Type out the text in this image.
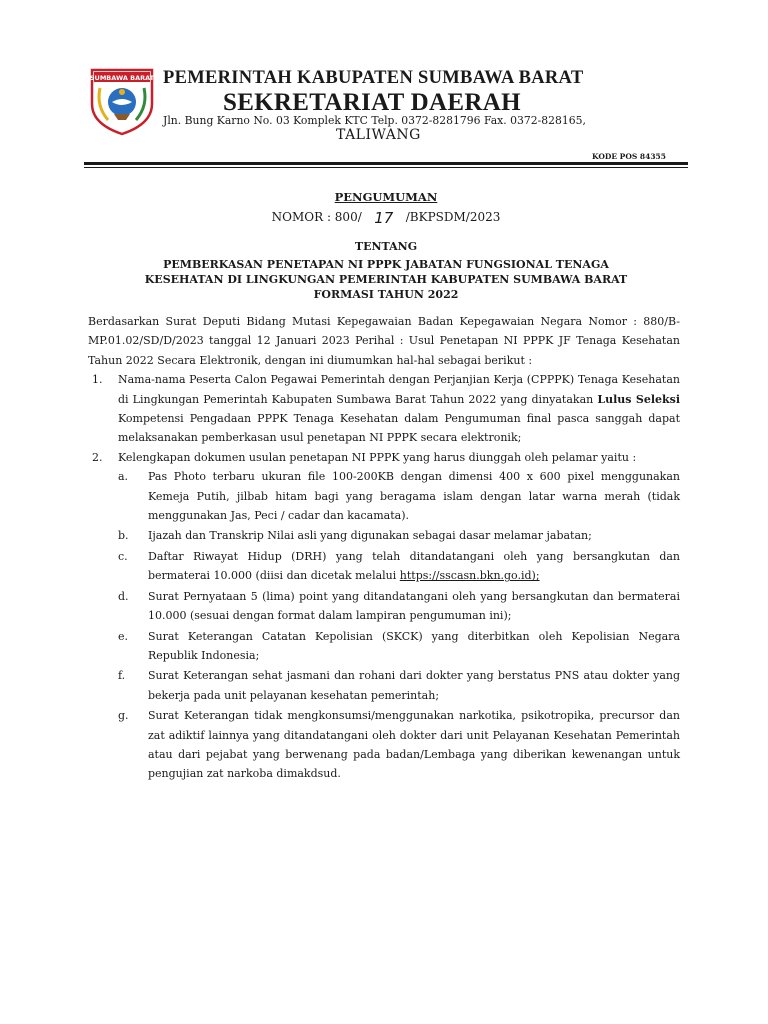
SUMBAWA BARAT PEMERINTAH KABUPATEN SUMBAWA BARAT
SEKRETARIAT DAERAH
Jln. Bung Karno No. 03 Komplek KTC Telp. 0372-8281796 Fax. 0372-828165,
TALIWANG
KODE POS 84355
PENGUMUMAN
NOMOR : 800/ 17 /BKPSDM/2023
TENTANG
PEMBERKASAN PENETAPAN NI PPPK JABATAN FUNGSIONAL TENAGA
KESEHATAN DI LINGKUNGAN PEMERINTAH KABUPATEN SUMBAWA BARAT
FORMASI TAHUN 2022

Berdasarkan Surat Deputi Bidang Mutasi Kepegawaian Badan Kepegawaian Negara Nomor : 880/B-MP.01.02/SD/D/2023 tanggal 12 Januari 2023 Perihal : Usul Penetapan NI PPPK JF Tenaga Kesehatan Tahun 2022 Secara Elektronik, dengan ini diumumkan hal-hal sebagai berikut :

1. Nama-nama Peserta Calon Pegawai Pemerintah dengan Perjanjian Kerja (CPPPK) Tenaga Kesehatan di Lingkungan Pemerintah Kabupaten Sumbawa Barat Tahun 2022 yang dinyatakan Lulus Seleksi Kompetensi Pengadaan PPPK Tenaga Kesehatan dalam Pengumuman final pasca sanggah dapat melaksanakan pemberkasan usul penetapan NI PPPK secara elektronik;
2. Kelengkapan dokumen usulan penetapan NI PPPK yang harus diunggah oleh pelamar yaitu :
a. Pas Photo terbaru ukuran file 100-200KB dengan dimensi 400 x 600 pixel menggunakan Kemeja Putih, jilbab hitam bagi yang beragama islam dengan latar warna merah (tidak menggunakan Jas, Peci / cadar dan kacamata).
b. Ijazah dan Transkrip Nilai asli yang digunakan sebagai dasar melamar jabatan;
c. Daftar Riwayat Hidup (DRH) yang telah ditandatangani oleh yang bersangkutan dan bermaterai 10.000 (diisi dan dicetak melalui https://sscasn.bkn.go.id);
d. Surat Pernyataan 5 (lima) point yang ditandatangani oleh yang bersangkutan dan bermaterai 10.000 (sesuai dengan format dalam lampiran pengumuman ini);
e. Surat Keterangan Catatan Kepolisian (SKCK) yang diterbitkan oleh Kepolisian Negara Republik Indonesia;
f. Surat Keterangan sehat jasmani dan rohani dari dokter yang berstatus PNS atau dokter yang bekerja pada unit pelayanan kesehatan pemerintah;
g. Surat Keterangan tidak mengkonsumsi/menggunakan narkotika, psikotropika, precursor dan zat adiktif lainnya yang ditandatangani oleh dokter dari unit Pelayanan Kesehatan Pemerintah atau dari pejabat yang berwenang pada badan/Lembaga yang diberikan kewenangan untuk pengujian zat narkoba dimakdsud.
